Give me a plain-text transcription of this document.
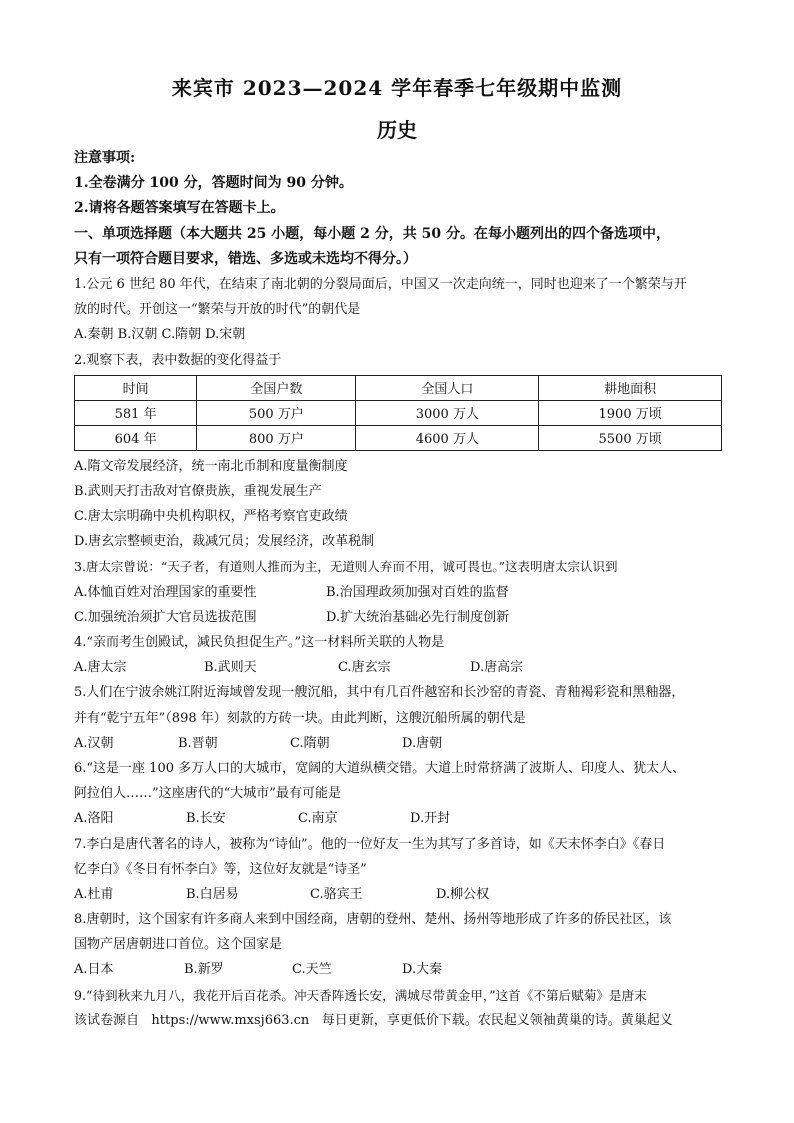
来宾市 2023—2024 学年春季七年级期中监测
历史
注意事项:
1.全卷满分 100 分，答题时间为 90 分钟。
2.请将各题答案填写在答题卡上。
一、单项选择题（本大题共 25 小题，每小题 2 分，共 50 分。在每小题列出的四个备选项中，
只有一项符合题目要求，错选、多选或未选均不得分。）
1.公元 6 世纪 80 年代，在结束了南北朝的分裂局面后，中国又一次走向统一，同时也迎来了一个繁荣与开
放的时代。开创这一“繁荣与开放的时代”的朝代是
A.秦朝 B.汉朝 C.隋朝 D.宋朝
2.观察下表，表中数据的变化得益于
时间	全国户数	全国人口	耕地面积
581 年	500 万户	3000 万人	1900 万顷
604 年	800 万户	4600 万人	5500 万顷
A.隋文帝发展经济，统一南北币制和度量衡制度
B.武则天打击敌对官僚贵族，重视发展生产
C.唐太宗明确中央机构职权，严格考察官吏政绩
D.唐玄宗整顿吏治，裁减冗员；发展经济，改革税制
3.唐太宗曾说：“天子者，有道则人推而为主，无道则人弃而不用，诚可畏也。”这表明唐太宗认识到
A.体恤百姓对治理国家的重要性	B.治国理政须加强对百姓的监督
C.加强统治须扩大官员选拔范围	D.扩大统治基础必先行制度创新
4.“亲而考生创殿试，减民负担促生产。”这一材料所关联的人物是
A.唐太宗	B.武则天	C.唐玄宗	D.唐高宗
5.人们在宁波余姚江附近海域曾发现一艘沉船，其中有几百件越窑和长沙窑的青瓷、青釉褐彩瓷和黑釉器，
并有“乾宁五年”（898 年）刻款的方砖一块。由此判断，这艘沉船所属的朝代是
A.汉朝	B.晋朝	C.隋朝	D.唐朝
6.“这是一座 100 多万人口的大城市，宽阔的大道纵横交错。大道上时常挤满了波斯人、印度人、犹太人、
阿拉伯人……”这座唐代的“大城市”最有可能是
A.洛阳	B.长安	C.南京	D.开封
7.李白是唐代著名的诗人，被称为“诗仙”。他的一位好友一生为其写了多首诗，如《天末怀李白》《春日
忆李白》《冬日有怀李白》等，这位好友就是“诗圣”
A.杜甫	B.白居易	C.骆宾王	D.柳公权
8.唐朝时，这个国家有许多商人来到中国经商，唐朝的登州、楚州、扬州等地形成了许多的侨民社区，该
国物产居唐朝进口首位。这个国家是
A.日本	B.新罗	C.天竺	D.大秦
9.“待到秋来九月八，我花开后百花杀。冲天香阵透长安，满城尽带黄金甲，”这首《不第后赋菊》是唐末
该试卷源自 https://www.mxsj663.cn 每日更新，享更低价下载。农民起义领袖黄巢的诗。黄巢起义
